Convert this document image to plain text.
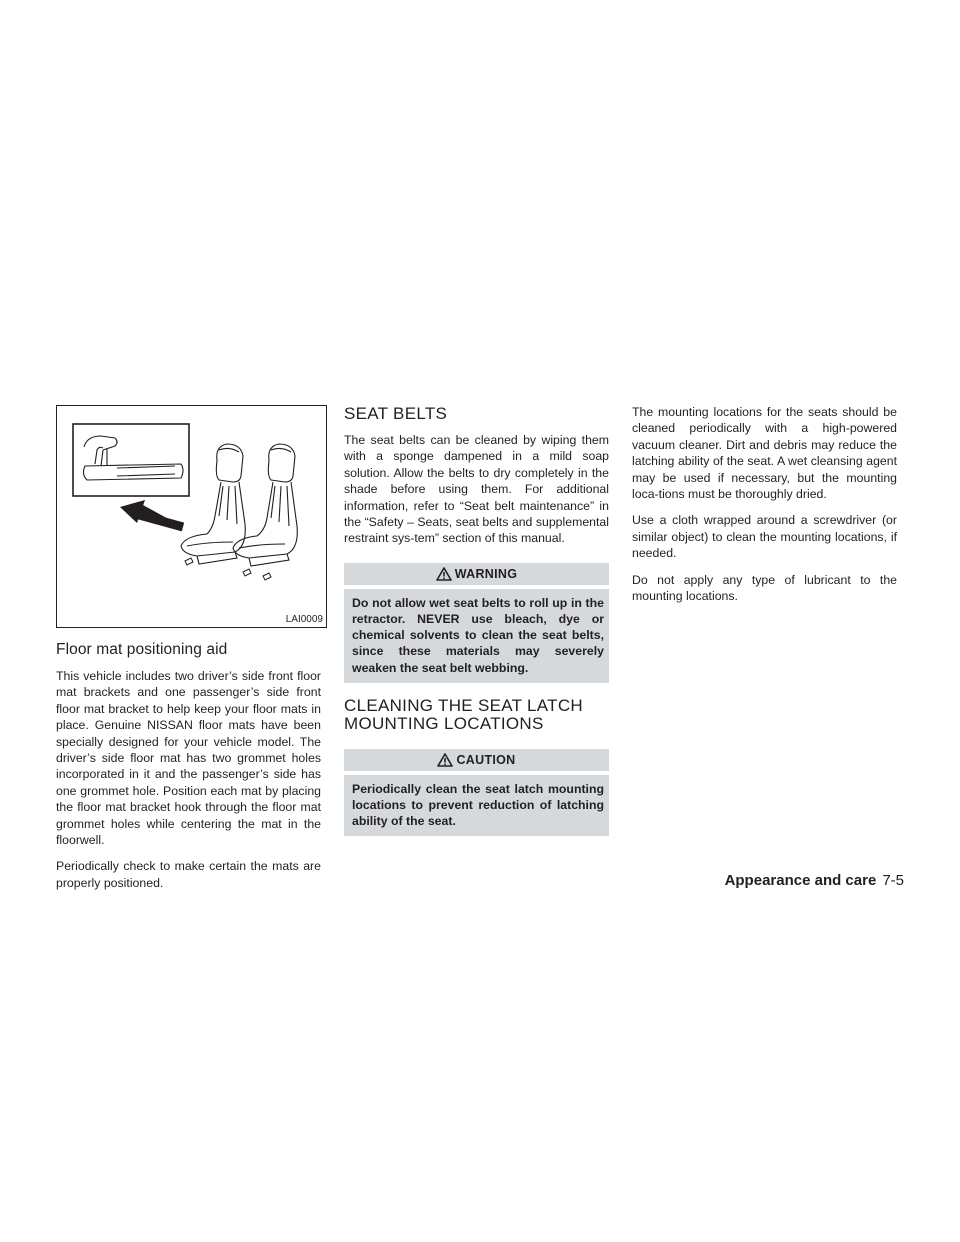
LAI0009
Floor mat positioning aid

This vehicle includes two driver’s side front floor mat brackets and one passenger’s side front floor mat bracket to help keep your floor mats in place. Genuine NISSAN floor mats have been specially designed for your vehicle model. The driver’s side floor mat has two grommet holes incorporated in it and the passenger’s side has one grommet hole. Position each mat by placing the floor mat bracket hook through the floor mat grommet holes while centering the mat in the floorwell.

Periodically check to make certain the mats are properly positioned.

SEAT BELTS

The seat belts can be cleaned by wiping them with a sponge dampened in a mild soap solution. Allow the belts to dry completely in the shade before using them. For additional information, refer to “Seat belt maintenance” in the “Safety – Seats, seat belts and supplemental restraint sys-tem” section of this manual.

WARNING
Do not allow wet seat belts to roll up in the retractor. NEVER use bleach, dye or chemical solvents to clean the seat belts, since these materials may severely weaken the seat belt webbing.
CLEANING THE SEAT LATCH MOUNTING LOCATIONS
CAUTION
Periodically clean the seat latch mounting locations to prevent reduction of latching ability of the seat.

The mounting locations for the seats should be cleaned periodically with a high-powered vacuum cleaner. Dirt and debris may reduce the latching ability of the seat. A wet cleansing agent may be used if necessary, but the mounting loca-tions must be thoroughly dried.

Use a cloth wrapped around a screwdriver (or similar object) to clean the mounting locations, if needed.

Do not apply any type of lubricant to the mounting locations.

Appearance and care 7-5
